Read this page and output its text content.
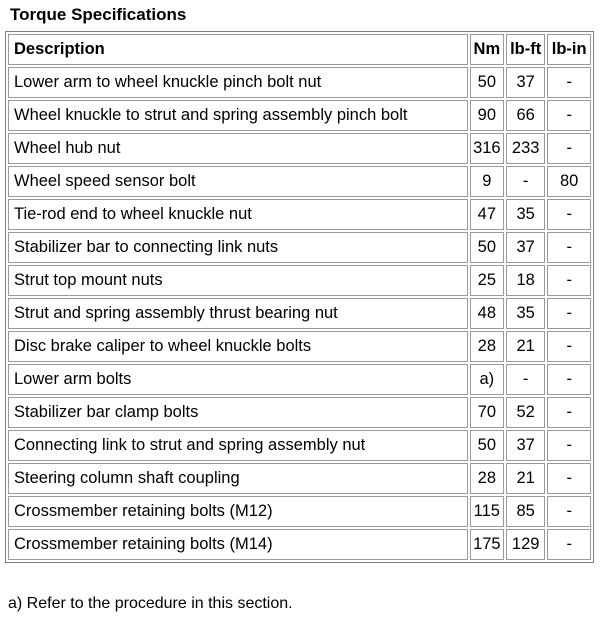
Torque Specifications
Description	Nm	lb-ft	lb-in
Lower arm to wheel knuckle pinch bolt nut	50	37	-
Wheel knuckle to strut and spring assembly pinch bolt	90	66	-
Wheel hub nut	316	233	-
Wheel speed sensor bolt	9	-	80
Tie-rod end to wheel knuckle nut	47	35	-
Stabilizer bar to connecting link nuts	50	37	-
Strut top mount nuts	25	18	-
Strut and spring assembly thrust bearing nut	48	35	-
Disc brake caliper to wheel knuckle bolts	28	21	-
Lower arm bolts	a)	-	-
Stabilizer bar clamp bolts	70	52	-
Connecting link to strut and spring assembly nut	50	37	-
Steering column shaft coupling	28	21	-
Crossmember retaining bolts (M12)	115	85	-
Crossmember retaining bolts (M14)	175	129	-
a) Refer to the procedure in this section.
